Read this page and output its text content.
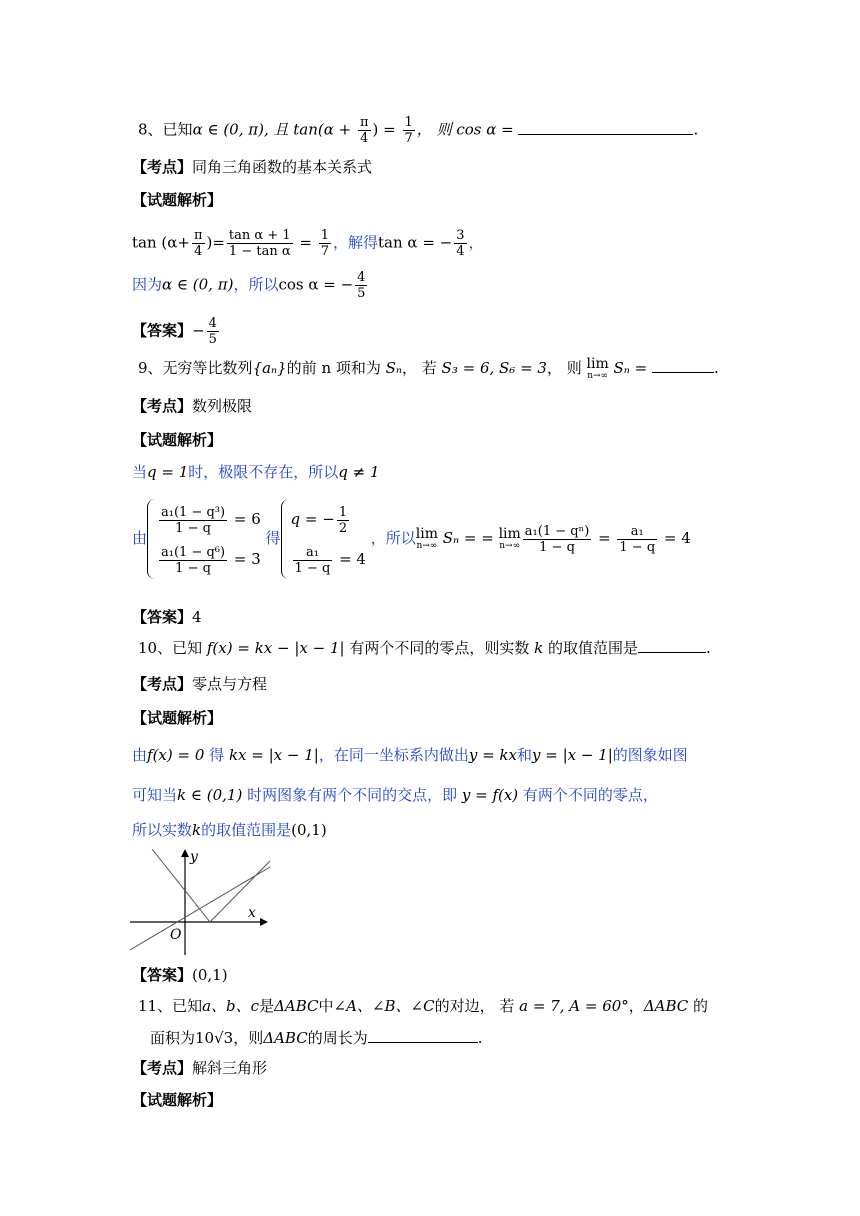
8、已知α ∈ (0, π), 且 $\tan(\alpha + \frac{\pi}{4}$ ) = $\frac{1}{7}$ ， 则 cos α =	.
【考点】同角三角函数的基本关系式
【试题解析】
$\tan (\alpha+ \frac{\pi}{4}$ )= $\frac{\text{tan α + 1}}{\text{1 − tan α}} = \frac{1}{7}$ ，解得tan α = − $\frac{3}{4}$ ，
因为α ∈ (0, π)，所以cos α = − $\frac{4}{5}$
【答案】− $\frac{4}{5}$
9、无穷等比数列{aₙ}的前 n 项和为 Sₙ， 若 S₃ = 6, S₆ = 3， 则 lim
n→∞ Sₙ =	.
【考点】数列极限
【试题解析】
当q = 1时，极限不存在，所以q ≠ 1
由
$\frac{\text{a₁(1 − q³)}}{1 - q} = 6$
$\frac{\text{a₁(1 − q⁶)}}{1 - q} = 3$
得
q = − $\frac{1}{2}$
$\frac{\text{a₁}}{1 - q} = 4$
，所以lim
n→∞ Sₙ = = lim
$n\to\infty \frac{\text{a₁(1 − qⁿ)}}{1 - q} = \frac{\text{a₁}}{1 - q} = 4$
【答案】4
10、已知 f(x) = kx − |x − 1| 有两个不同的零点，则实数 k 的取值范围是	.
【考点】零点与方程
【试题解析】
由f(x) = 0 得 kx = |x − 1|，在同一坐标系内做出y = kx和y = |x − 1|的图象如图
可知当k ∈ (0,1) 时两图象有两个不同的交点，即 y = f(x) 有两个不同的零点，
所以实数k的取值范围是(0,1)
y
x
O
【答案】(0,1)
11、已知a、b、c是ΔABC中∠A、∠B、∠C的对边， 若 a = 7, A = 60°，ΔABC 的
面积为10√3，则ΔABC的周长为	.
【考点】解斜三角形
【试题解析】
